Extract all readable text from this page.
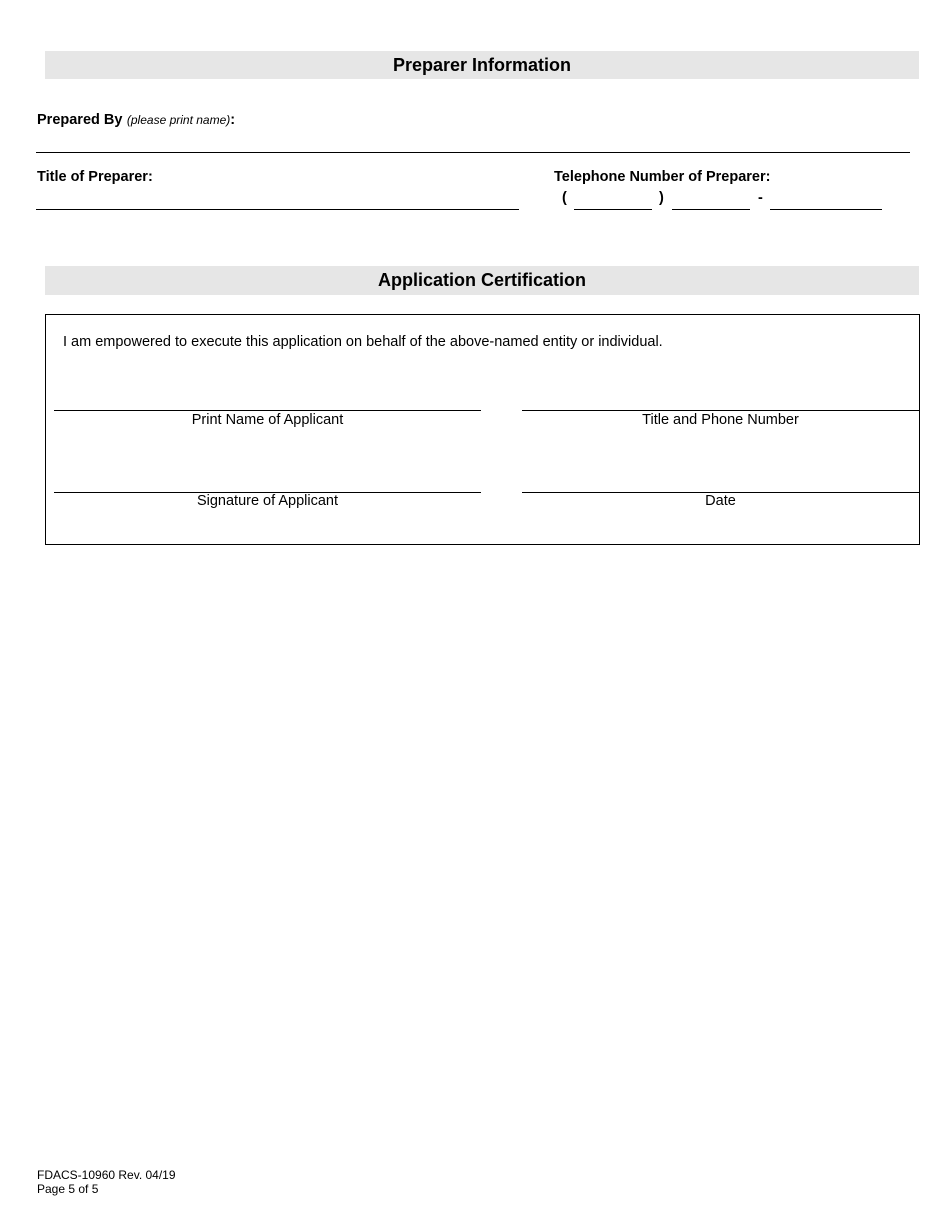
Preparer Information
Prepared By (please print name):
Title of Preparer:	Telephone Number of Preparer:
(	)	-
Application Certification
I am empowered to execute this application on behalf of the above-named entity or individual.
Print Name of Applicant	Title and Phone Number
Signature of Applicant	Date
FDACS-10960 Rev. 04/19
Page 5 of 5
